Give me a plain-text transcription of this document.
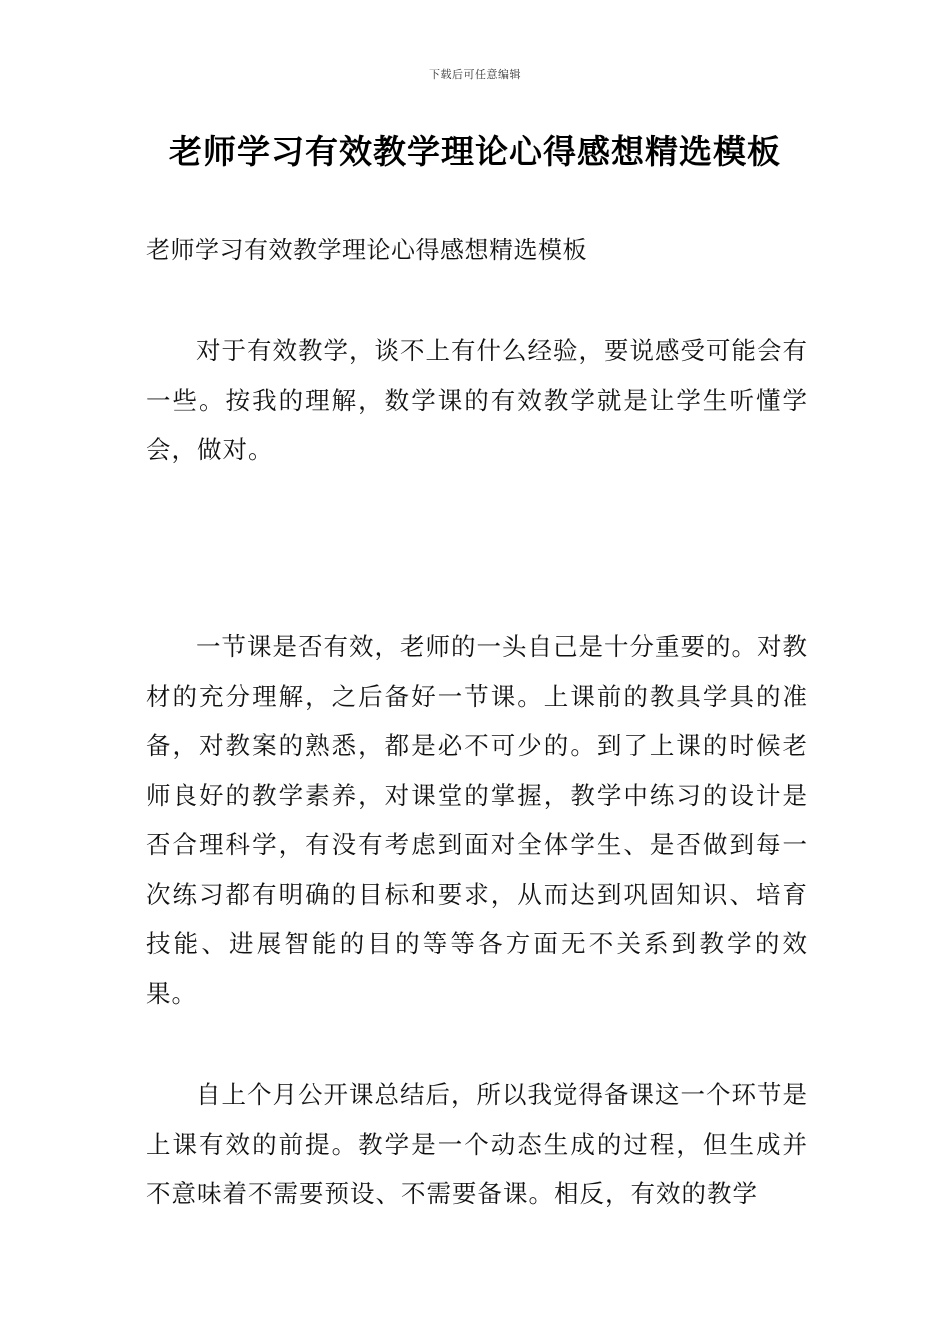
下载后可任意编辑
老师学习有效教学理论心得感想精选模板

老师学习有效教学理论心得感想精选模板

对于有效教学，谈不上有什么经验，要说感受可能会有一些。按我的理解，数学课的有效教学就是让学生听懂学会，做对。

一节课是否有效，老师的一头自己是十分重要的。对教材的充分理解，之后备好一节课。上课前的教具学具的准备，对教案的熟悉，都是必不可少的。到了上课的时候老师良好的教学素养，对课堂的掌握，教学中练习的设计是否合理科学，有没有考虑到面对全体学生、是否做到每一次练习都有明确的目标和要求，从而达到巩固知识、培育技能、进展智能的目的等等各方面无不关系到教学的效果。

自上个月公开课总结后，所以我觉得备课这一个环节是上课有效的前提。教学是一个动态生成的过程，但生成并不意味着不需要预设、不需要备课。相反，有效的教学
